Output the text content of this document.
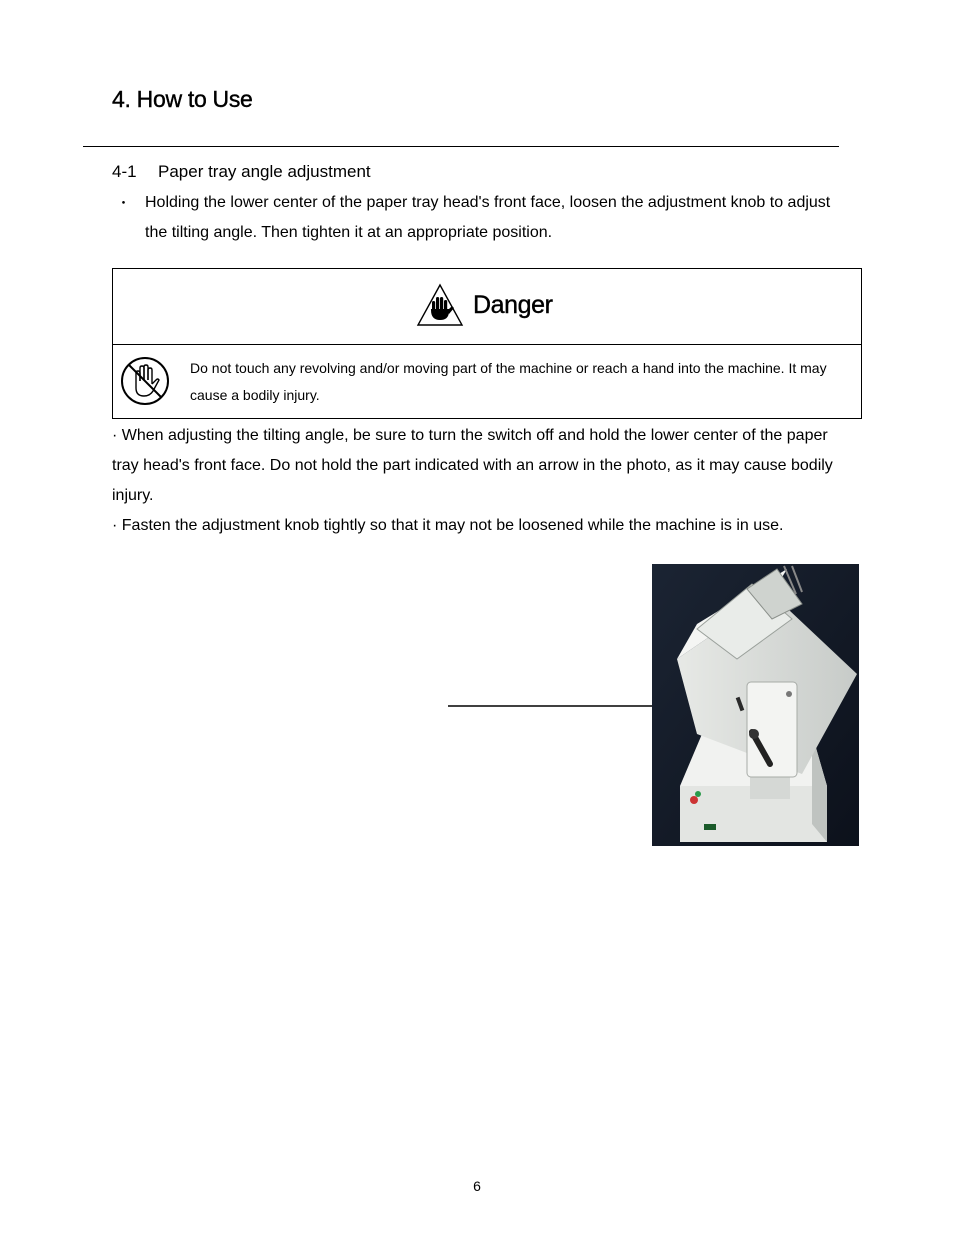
4. How to Use
4-1 Paper tray angle adjustment
・ Holding the lower center of the paper tray head's front face, loosen the adjustment knob to adjust the tilting angle. Then tighten it at an appropriate position.
Danger
Do not touch any revolving and/or moving part of the machine or reach a hand into the machine. It may cause a bodily injury.

· When adjusting the tilting angle, be sure to turn the switch off and hold the lower center of the paper tray head's front face. Do not hold the part indicated with an arrow in the photo, as it may cause bodily injury.

· Fasten the adjustment knob tightly so that it may not be loosened while the machine is in use.

6
